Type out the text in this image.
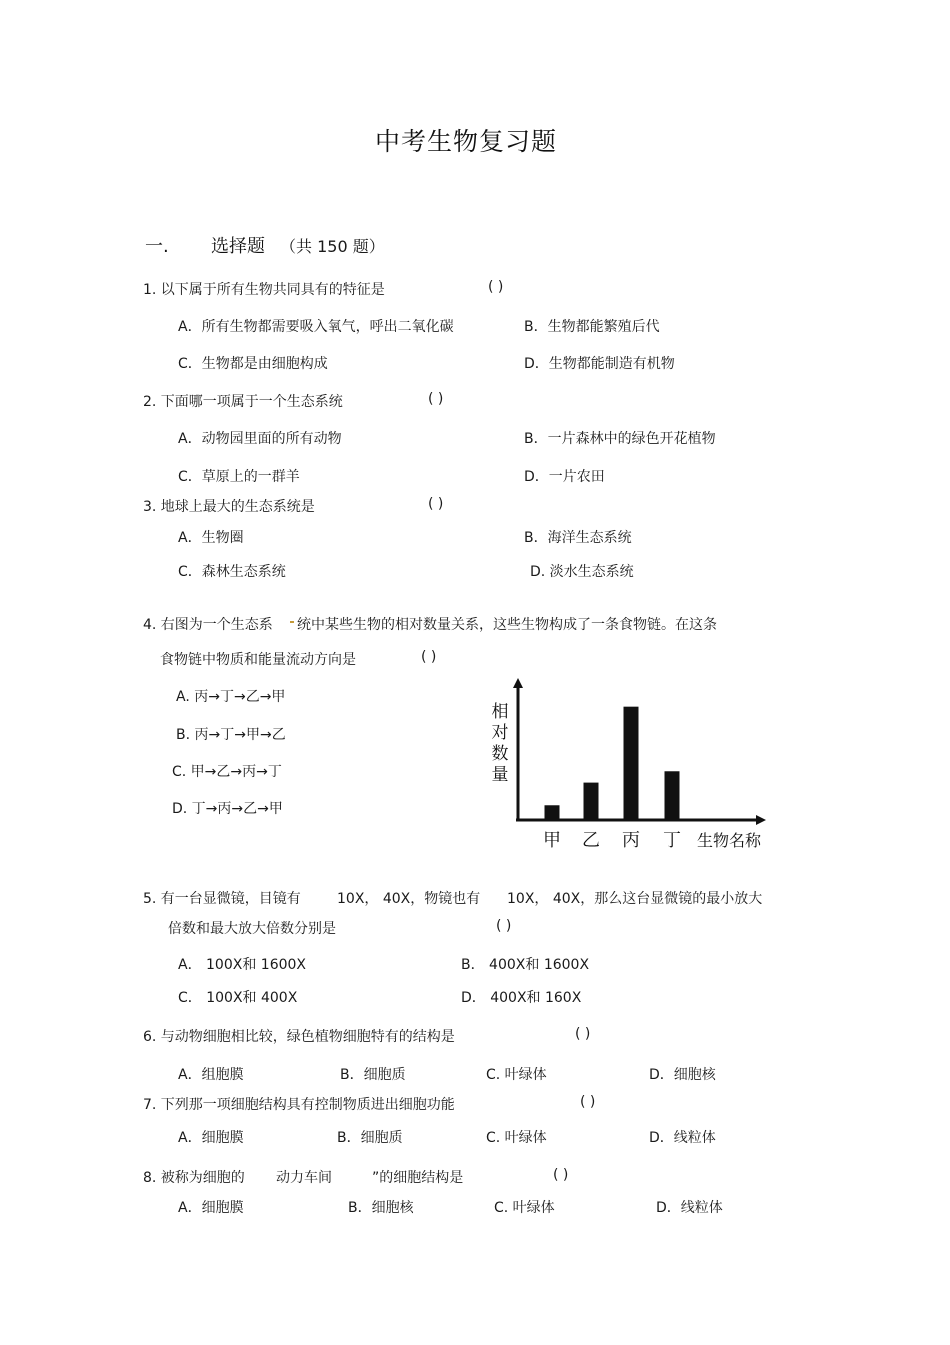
中考生物复习题
一. 选择题 （共 150 题）
1. 以下属于所有生物共同具有的特征是	( )
A．所有生物都需要吸入氧气，呼出二氧化碳	B．生物都能繁殖后代
C．生物都是由细胞构成	D．生物都能制造有机物
2. 下面哪一项属于一个生态系统	( )
A．动物园里面的所有动物	B．一片森林中的绿色开花植物
C．草原上的一群羊	D．一片农田
3. 地球上最大的生态系统是	( )
A．生物圈	B．海洋生态系统
C．森林生态系统	D. 淡水生态系统
4. 右图为一个生态系 统中某些生物的相对数量关系，这些生物构成了一条食物链。在这条
食物链中物质和能量流动方向是	( )
A. 丙→丁→乙→甲
B. 丙→丁→甲→乙
C. 甲→乙→丙→丁
D. 丁→丙→乙→甲
相
对
数
量
甲 乙 丙 丁 生物名称
5. 有一台显微镜，目镜有	10X， 40X，物镜也有 10X， 40X，那么这台显微镜的最小放大
倍数和最大放大倍数分别是	( )
A． 100X和 1600X	B． 400X和 1600X
C． 100X和 400X	D． 400X和 160X
6. 与动物细胞相比较，绿色植物细胞特有的结构是	( )
A．组胞膜	B．细胞质	C. 叶绿体	D．细胞核
7. 下列那一项细胞结构具有控制物质进出细胞功能	( )
A．细胞膜	B．细胞质	C. 叶绿体	D．线粒体
8. 被称为细胞的 动力车间	”的细胞结构是	( )
A．细胞膜	B．细胞核	C. 叶绿体	D．线粒体
